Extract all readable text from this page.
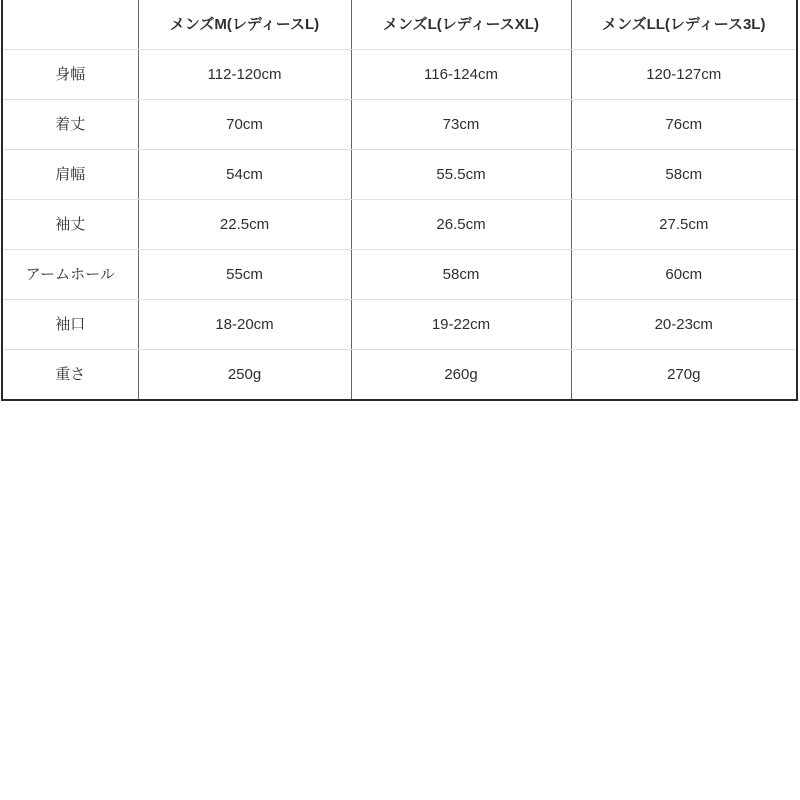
	メンズM(レディースL)	メンズL(レディースXL)	メンズLL(レディース3L)
身幅	112-120cm	116-124cm	120-127cm
着丈	70cm	73cm	76cm
肩幅	54cm	55.5cm	58cm
袖丈	22.5cm	26.5cm	27.5cm
アームホール	55cm	58cm	60cm
袖口	18-20cm	19-22cm	20-23cm
重さ	250g	260g	270g
